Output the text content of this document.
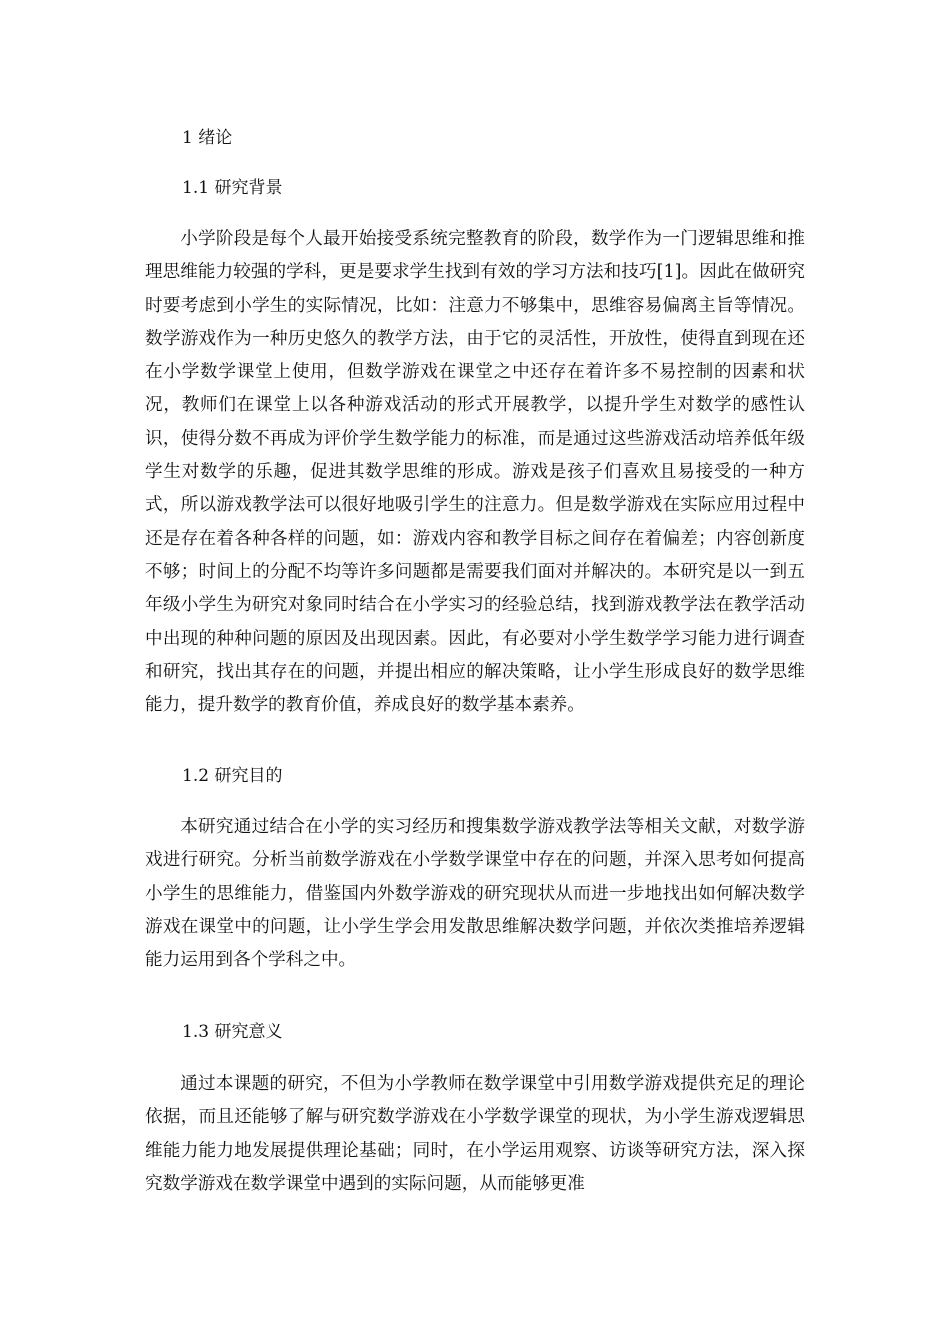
1 绪论
1.1 研究背景

小学阶段是每个人最开始接受系统完整教育的阶段，数学作为一门逻辑思维和推理思维能力较强的学科，更是要求学生找到有效的学习方法和技巧[1]。因此在做研究时要考虑到小学生的实际情况，比如：注意力不够集中，思维容易偏离主旨等情况。数学游戏作为一种历史悠久的教学方法，由于它的灵活性，开放性，使得直到现在还在小学数学课堂上使用，但数学游戏在课堂之中还存在着许多不易控制的因素和状况，教师们在课堂上以各种游戏活动的形式开展教学，以提升学生对数学的感性认识，使得分数不再成为评价学生数学能力的标准，而是通过这些游戏活动培养低年级学生对数学的乐趣，促进其数学思维的形成。游戏是孩子们喜欢且易接受的一种方式，所以游戏教学法可以很好地吸引学生的注意力。但是数学游戏在实际应用过程中还是存在着各种各样的问题，如：游戏内容和教学目标之间存在着偏差；内容创新度不够；时间上的分配不均等许多问题都是需要我们面对并解决的。本研究是以一到五年级小学生为研究对象同时结合在小学实习的经验总结，找到游戏教学法在教学活动中出现的种种问题的原因及出现因素。因此，有必要对小学生数学学习能力进行调查和研究，找出其存在的问题，并提出相应的解决策略，让小学生形成良好的数学思维能力，提升数学的教育价值，养成良好的数学基本素养。

1.2 研究目的

本研究通过结合在小学的实习经历和搜集数学游戏教学法等相关文献，对数学游戏进行研究。分析当前数学游戏在小学数学课堂中存在的问题，并深入思考如何提高小学生的思维能力，借鉴国内外数学游戏的研究现状从而进一步地找出如何解决数学游戏在课堂中的问题，让小学生学会用发散思维解决数学问题，并依次类推培养逻辑能力运用到各个学科之中。

1.3 研究意义

通过本课题的研究，不但为小学教师在数学课堂中引用数学游戏提供充足的理论依据，而且还能够了解与研究数学游戏在小学数学课堂的现状，为小学生游戏逻辑思维能力能力地发展提供理论基础；同时，在小学运用观察、访谈等研究方法，深入探究数学游戏在数学课堂中遇到的实际问题，从而能够更准
